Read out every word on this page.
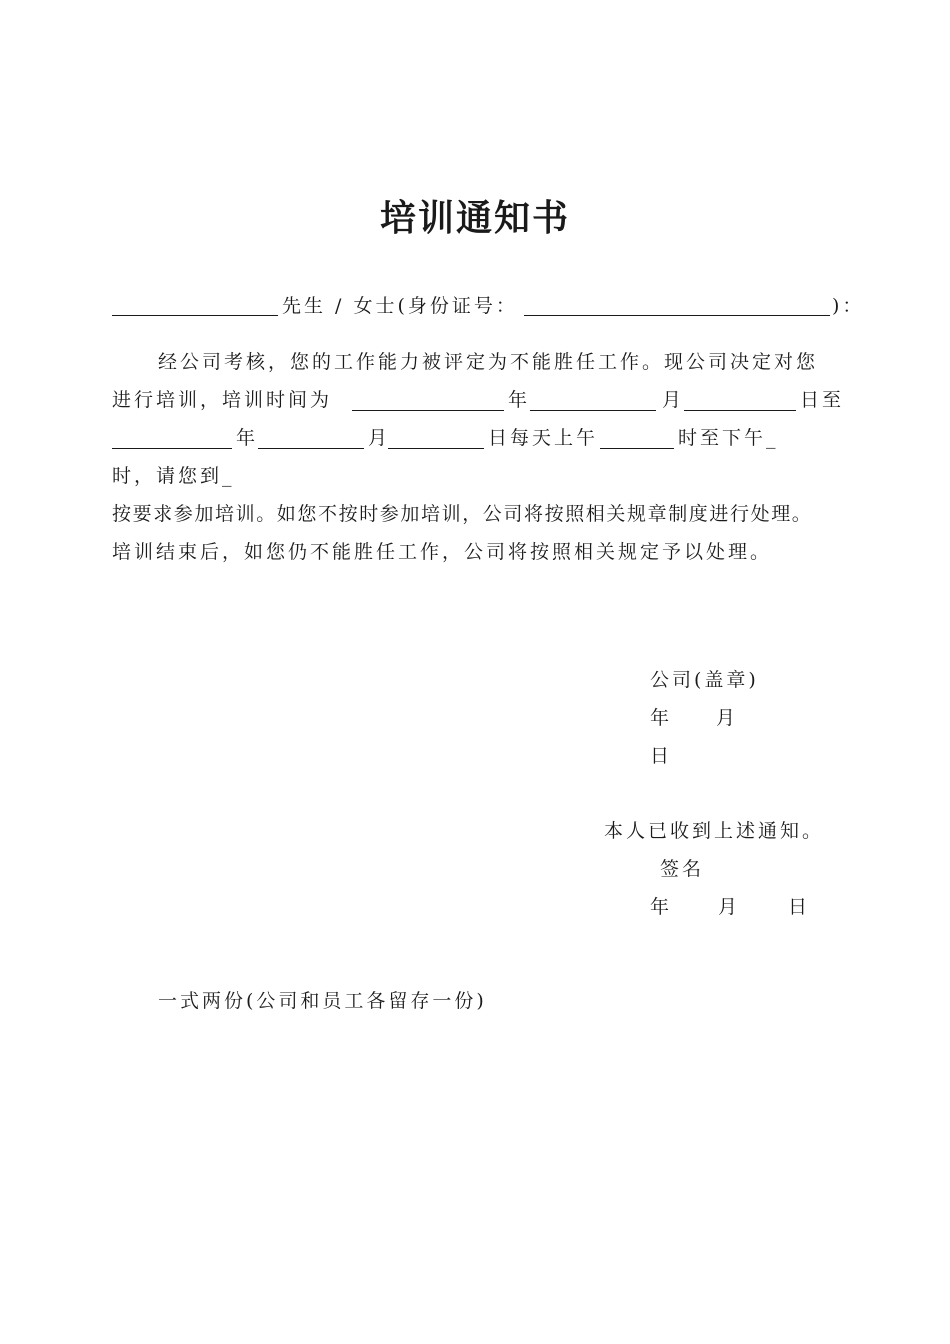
培训通知书
先生 / 女士(身份证号：	)：
经公司考核，您的工作能力被评定为不能胜任工作。现公司决定对您
进行培训，培训时间为	年	月	日至
年	月	日每天上午	时至下午_
时，请您到_
按要求参加培训。如您不按时参加培训，公司将按照相关规章制度进行处理。
培训结束后，如您仍不能胜任工作，公司将按照相关规定予以处理。
公司(盖章)
年 月
日
本人已收到上述通知。
签名
年 月	日
一式两份(公司和员工各留存一份)
